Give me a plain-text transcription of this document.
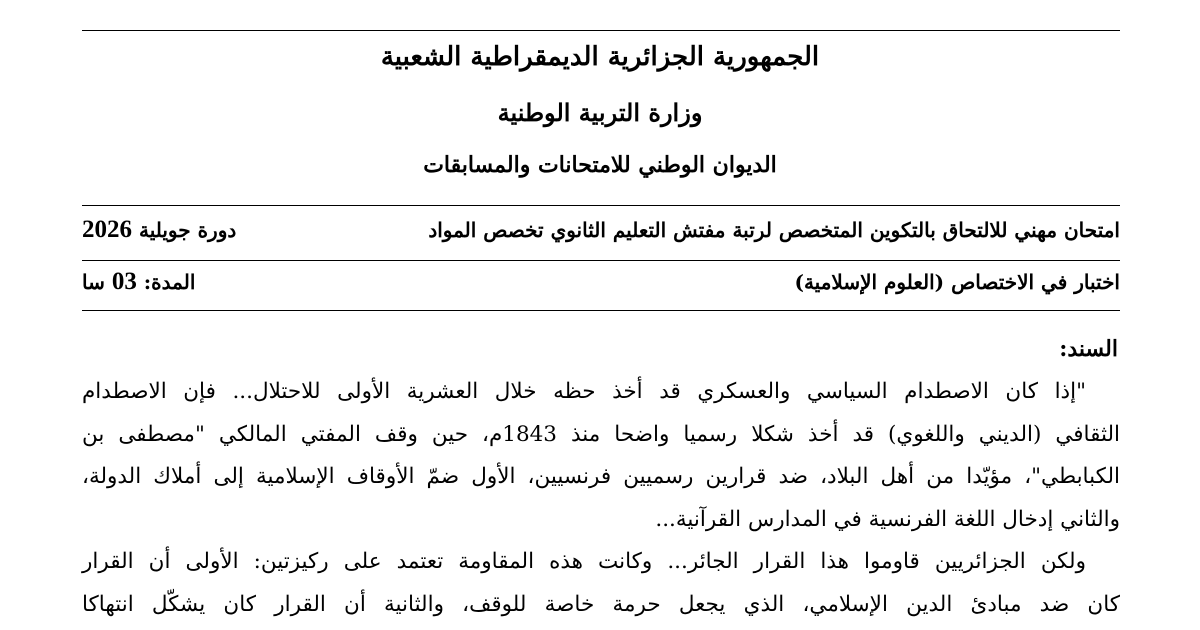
الجمهورية الجزائرية الديمقراطية الشعبية
وزارة التربية الوطنية
الديوان الوطني للامتحانات والمسابقات
امتحان مهني للالتحاق بالتكوين المتخصص لرتبة مفتش التعليم الثانوي تخصص المواد
دورة جويلية 2026
اختبار في الاختصاص (العلوم الإسلامية)
المدة: 03 سا
السند:
"إذا كان الاصطدام السياسي والعسكري قد أخذ حظه خلال العشرية الأولى للاحتلال... فإن الاصطدام
الثقافي (الديني واللغوي) قد أخذ شكلا رسميا واضحا منذ 1843م، حين وقف المفتي المالكي "مصطفى بن
الكبابطي"، مؤيّدا من أهل البلاد، ضد قرارين رسميين فرنسيين، الأول ضمّ الأوقاف الإسلامية إلى أملاك الدولة،
والثاني إدخال اللغة الفرنسية في المدارس القرآنية...
ولكن الجزائريين قاوموا هذا القرار الجائر... وكانت هذه المقاومة تعتمد على ركيزتين: الأولى أن القرار
كان ضد مبادئ الدين الإسلامي، الذي يجعل حرمة خاصة للوقف، والثانية أن القرار كان يشكّل انتهاكا
